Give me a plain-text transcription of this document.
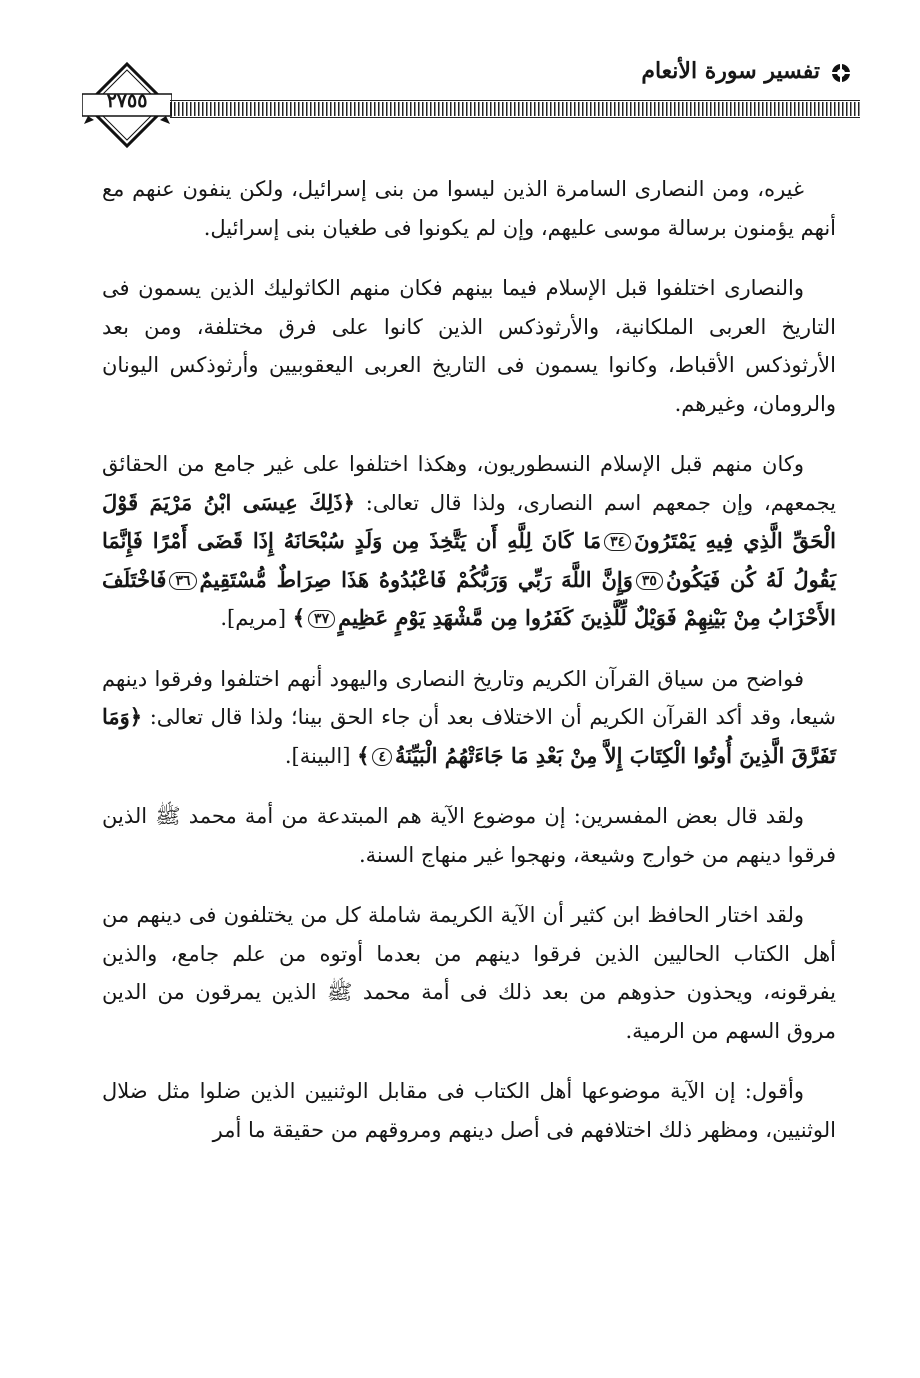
٢٧٥٥
تفسير سورة الأنعام

غيره، ومن النصارى السامرة الذين ليسوا من بنى إسرائيل، ولكن ينفون عنهم مع أنهم يؤمنون برسالة موسى عليهم، وإن لم يكونوا فى طغيان بنى إسرائيل.

والنصارى اختلفوا قبل الإسلام فيما بينهم فكان منهم الكاثوليك الذين يسمون فى التاريخ العربى الملكانية، والأرثوذكس الذين كانوا على فرق مختلفة، ومن بعد الأرثوذكس الأقباط، وكانوا يسمون فى التاريخ العربى اليعقوبيين وأرثوذكس اليونان والرومان، وغيرهم.

وكان منهم قبل الإسلام النسطوريون، وهكذا اختلفوا على غير جامع من الحقائق يجمعهم، وإن جمعهم اسم النصارى، ولذا قال تعالى: ﴿ذَلِكَ عِيسَى ابْنُ مَرْيَمَ قَوْلَ الْحَقِّ الَّذِي فِيهِ يَمْتَرُونَ٣٤مَا كَانَ لِلَّهِ أَن يَتَّخِذَ مِن وَلَدٍ سُبْحَانَهُ إِذَا قَضَى أَمْرًا فَإِنَّمَا يَقُولُ لَهُ كُن فَيَكُونُ٣٥وَإِنَّ اللَّهَ رَبِّي وَرَبُّكُمْ فَاعْبُدُوهُ هَذَا صِرَاطٌ مُّسْتَقِيمٌ٣٦فَاخْتَلَفَ الأَحْزَابُ مِنْ بَيْنِهِمْ فَوَيْلٌ لِّلَّذِينَ كَفَرُوا مِن مَّشْهَدِ يَوْمٍ عَظِيمٍ٣٧﴾ [مريم].

فواضح من سياق القرآن الكريم وتاريخ النصارى واليهود أنهم اختلفوا وفرقوا دينهم شيعا، وقد أكد القرآن الكريم أن الاختلاف بعد أن جاء الحق بينا؛ ولذا قال تعالى: ﴿وَمَا تَفَرَّقَ الَّذِينَ أُوتُوا الْكِتَابَ إِلاَّ مِنْ بَعْدِ مَا جَاءَتْهُمُ الْبَيِّنَةُ٤﴾ [البينة].

ولقد قال بعض المفسرين: إن موضوع الآية هم المبتدعة من أمة محمد ﷺ الذين فرقوا دينهم من خوارج وشيعة، ونهجوا غير منهاج السنة.

ولقد اختار الحافظ ابن كثير أن الآية الكريمة شاملة كل من يختلفون فى دينهم من أهل الكتاب الحاليين الذين فرقوا دينهم من بعدما أوتوه من علم جامع، والذين يفرقونه، ويحذون حذوهم من بعد ذلك فى أمة محمد ﷺ الذين يمرقون من الدين مروق السهم من الرمية.

وأقول: إن الآية موضوعها أهل الكتاب فى مقابل الوثنيين الذين ضلوا مثل ضلال الوثنيين، ومظهر ذلك اختلافهم فى أصل دينهم ومروقهم من حقيقة ما أمر
